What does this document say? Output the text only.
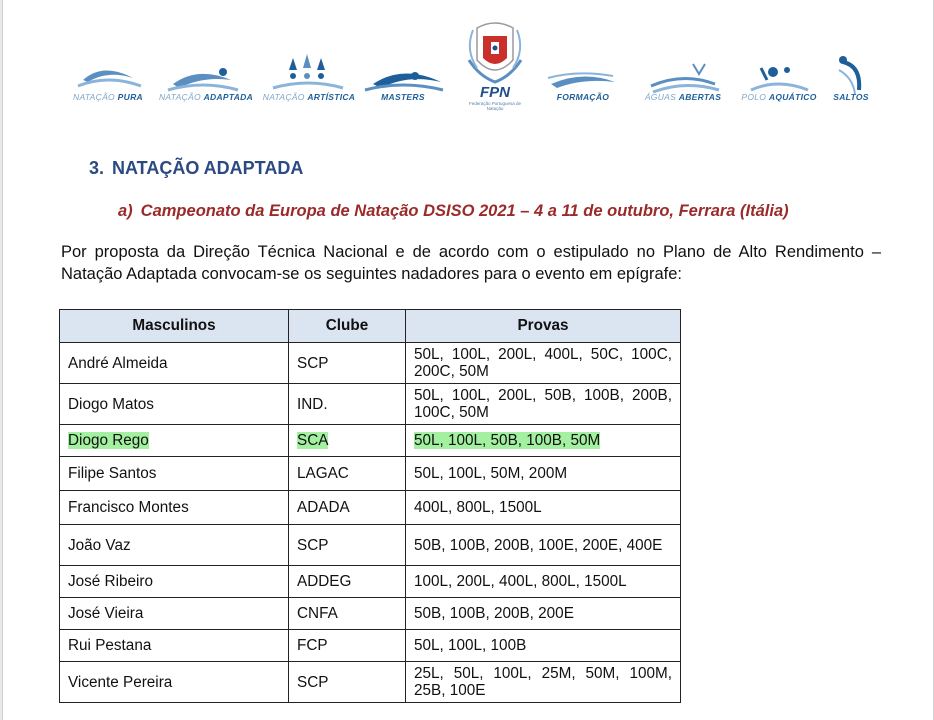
NATAÇÃO PURA	NATAÇÃO ADAPTADA	NATAÇÃO ARTÍSTICA	MASTERS	FORMAÇÃO	ÁGUAS ABERTAS	POLO AQUÁTICO	SALTOS
FPN
Federação Portuguesa de Natação
3. NATAÇÃO ADAPTADA
a) Campeonato da Europa de Natação DSISO 2021 – 4 a 11 de outubro, Ferrara (Itália)
Por proposta da Direção Técnica Nacional e de acordo com o estipulado no Plano de Alto Rendimento – Natação Adaptada convocam-se os seguintes nadadores para o evento em epígrafe:
Masculinos	Clube	Provas
André Almeida	SCP	50L, 100L, 200L, 400L, 50C, 100C, 200C, 50M
Diogo Matos	IND.	50L, 100L, 200L, 50B, 100B, 200B, 100C, 50M
Diogo Rego	SCA	50L, 100L, 50B, 100B, 50M
Filipe Santos	LAGAC	50L, 100L, 50M, 200M
Francisco Montes	ADADA	400L, 800L, 1500L
João Vaz	SCP	50B, 100B, 200B, 100E, 200E, 400E
José Ribeiro	ADDEG	100L, 200L, 400L, 800L, 1500L
José Vieira	CNFA	50B, 100B, 200B, 200E
Rui Pestana	FCP	50L, 100L, 100B
Vicente Pereira	SCP	25L, 50L, 100L, 25M, 50M, 100M, 25B, 100E
